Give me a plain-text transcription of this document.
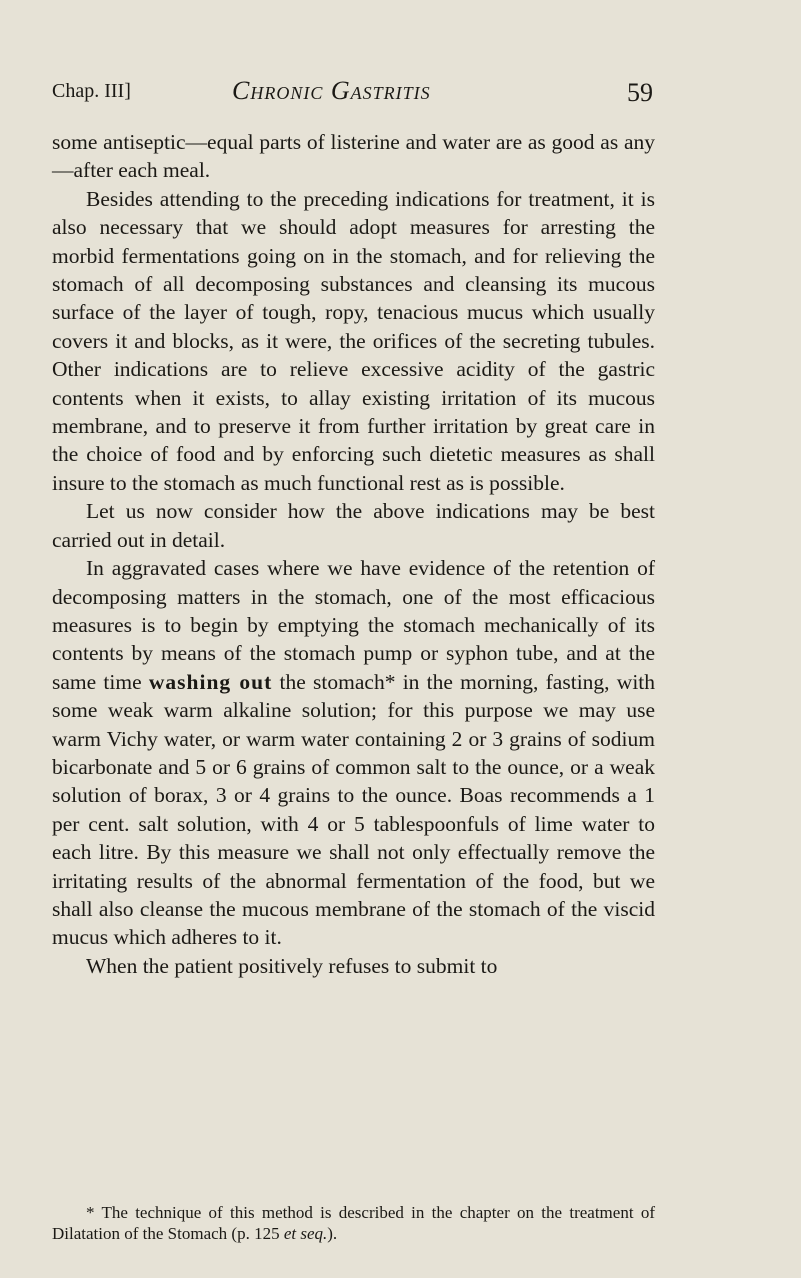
Chap. III]	Chronic Gastritis	59

some antiseptic—equal parts of listerine and water are as good as any—after each meal.

Besides attending to the preceding indications for treatment, it is also necessary that we should adopt measures for arresting the morbid fermentations going on in the stomach, and for relieving the stomach of all decomposing substances and cleansing its mucous surface of the layer of tough, ropy, tenacious mucus which usually covers it and blocks, as it were, the orifices of the secreting tubules. Other indications are to relieve excessive acidity of the gastric contents when it exists, to allay existing irritation of its mucous membrane, and to preserve it from further irritation by great care in the choice of food and by enforcing such dietetic measures as shall insure to the stomach as much functional rest as is possible.

Let us now consider how the above indications may be best carried out in detail.

In aggravated cases where we have evidence of the retention of decomposing matters in the stomach, one of the most efficacious measures is to begin by emptying the stomach mechanically of its contents by means of the stomach pump or syphon tube, and at the same time washing out the stomach* in the morning, fasting, with some weak warm alkaline solution; for this purpose we may use warm Vichy water, or warm water containing 2 or 3 grains of sodium bicarbonate and 5 or 6 grains of common salt to the ounce, or a weak solution of borax, 3 or 4 grains to the ounce. Boas recommends a 1 per cent. salt solution, with 4 or 5 tablespoonfuls of lime water to each litre. By this measure we shall not only effectually remove the irritating results of the abnormal fermentation of the food, but we shall also cleanse the mucous membrane of the stomach of the viscid mucus which adheres to it.

When the patient positively refuses to submit to

* The technique of this method is described in the chapter on the treatment of Dilatation of the Stomach (p. 125 et seq.).
